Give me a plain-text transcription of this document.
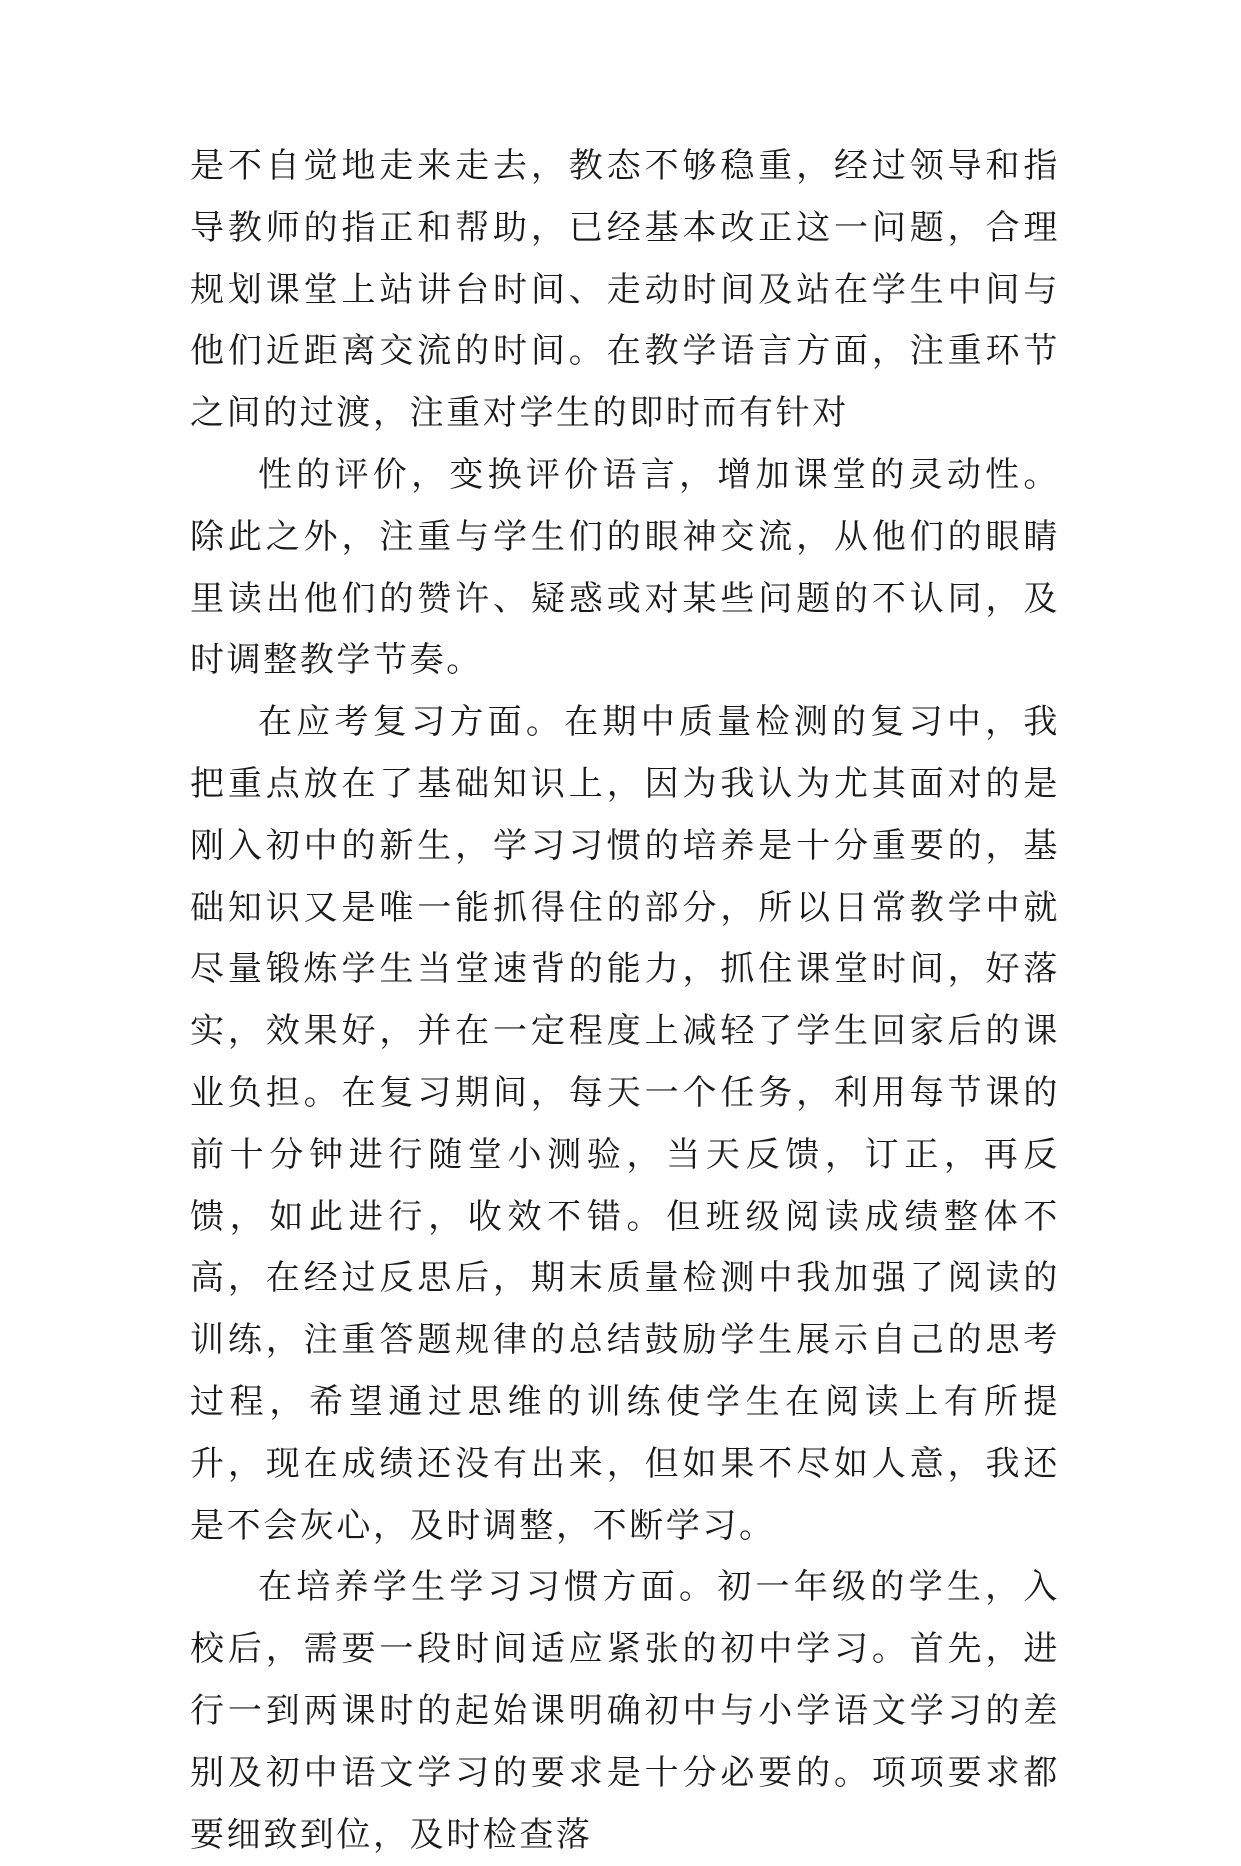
是不自觉地走来走去，教态不够稳重，经过领导和指导教师的指正和帮助，已经基本改正这一问题，合理规划课堂上站讲台时间、走动时间及站在学生中间与他们近距离交流的时间。在教学语言方面，注重环节之间的过渡，注重对学生的即时而有针对

性的评价，变换评价语言，增加课堂的灵动性。除此之外，注重与学生们的眼神交流，从他们的眼睛里读出他们的赞许、疑惑或对某些问题的不认同，及时调整教学节奏。

在应考复习方面。在期中质量检测的复习中，我把重点放在了基础知识上，因为我认为尤其面对的是刚入初中的新生，学习习惯的培养是十分重要的，基础知识又是唯一能抓得住的部分，所以日常教学中就尽量锻炼学生当堂速背的能力，抓住课堂时间，好落实，效果好，并在一定程度上减轻了学生回家后的课业负担。在复习期间，每天一个任务，利用每节课的前十分钟进行随堂小测验，当天反馈，订正，再反馈，如此进行，收效不错。但班级阅读成绩整体不高，在经过反思后，期末质量检测中我加强了阅读的训练，注重答题规律的总结鼓励学生展示自己的思考过程，希望通过思维的训练使学生在阅读上有所提升，现在成绩还没有出来，但如果不尽如人意，我还是不会灰心，及时调整，不断学习。

在培养学生学习习惯方面。初一年级的学生，入校后，需要一段时间适应紧张的初中学习。首先，进行一到两课时的起始课明确初中与小学语文学习的差别及初中语文学习的要求是十分必要的。项项要求都要细致到位，及时检查落
